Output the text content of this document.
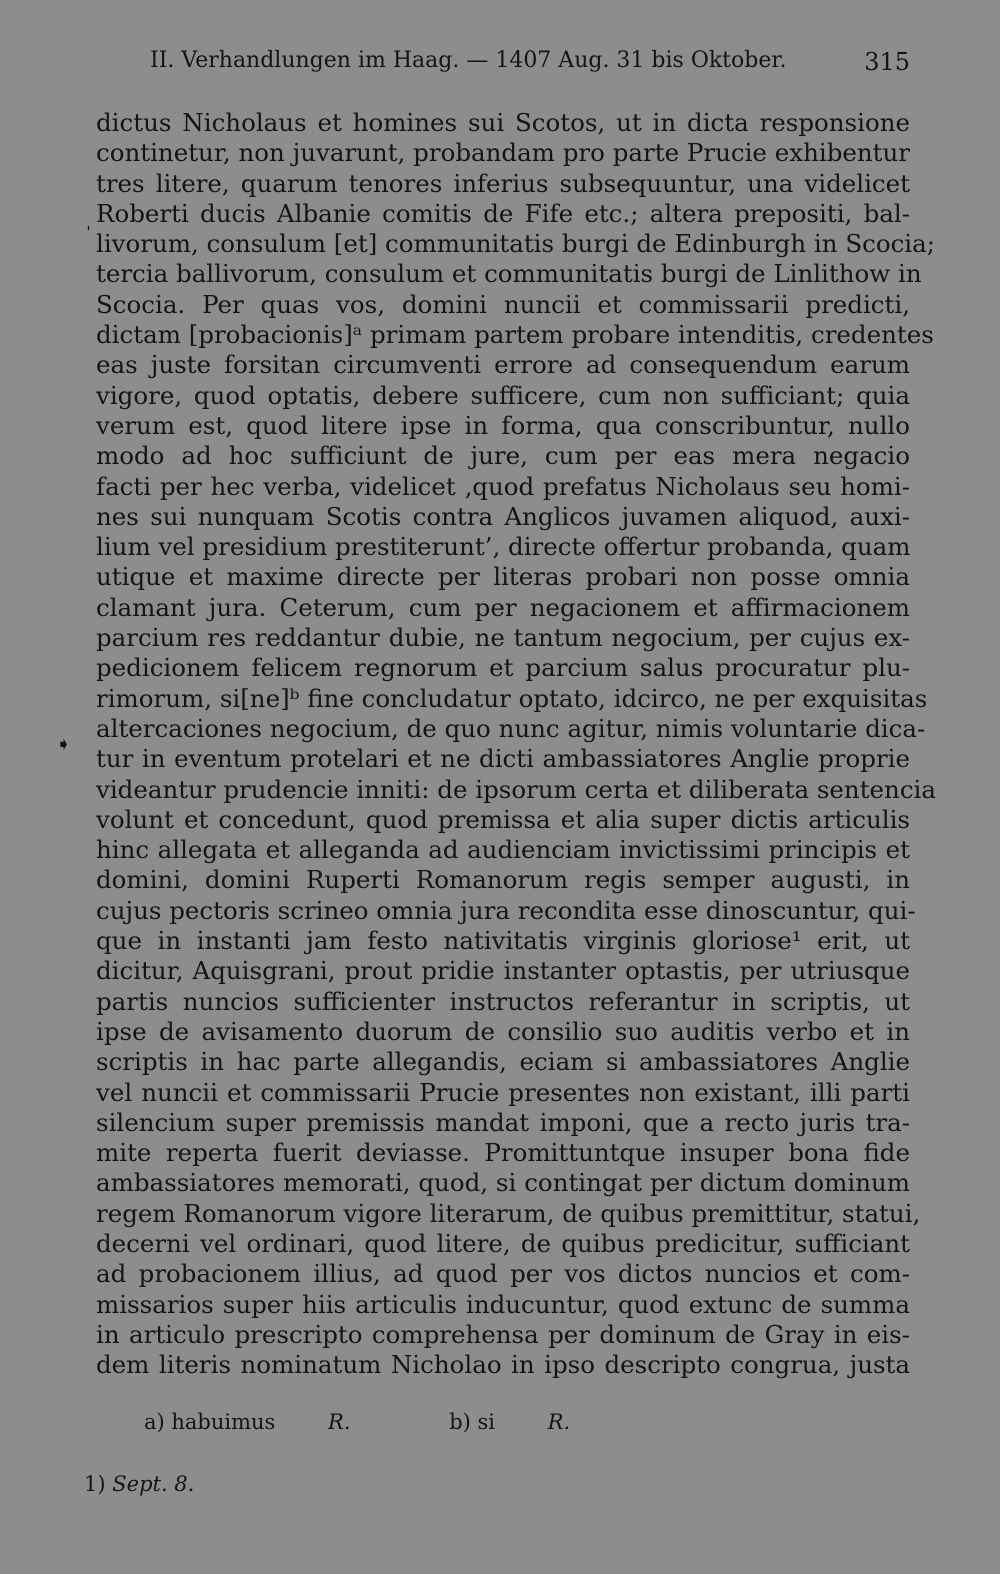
II. Verhandlungen im Haag. — 1407 Aug. 31 bis Oktober.	315
ˌ
➧
dictus Nicholaus et homines sui Scotos, ut in dicta responsione
continetur, non juvarunt, probandam pro parte Prucie exhibentur
tres litere, quarum tenores inferius subsequuntur, una videlicet
Roberti ducis Albanie comitis de Fife etc.; altera prepositi, bal-
livorum, consulum [et] communitatis burgi de Edinburgh in Scocia;
tercia ballivorum, consulum et communitatis burgi de Linlithow in
Scocia. Per quas vos, domini nuncii et commissarii predicti,
dictam [probacionis]ᵃ primam partem probare intenditis, credentes
eas juste forsitan circumventi errore ad consequendum earum
vigore, quod optatis, debere sufficere, cum non sufficiant; quia
verum est, quod litere ipse in forma, qua conscribuntur, nullo
modo ad hoc sufficiunt de jure, cum per eas mera negacio
facti per hec verba, videlicet ‚quod prefatus Nicholaus seu homi-
nes sui nunquam Scotis contra Anglicos juvamen aliquod, auxi-
lium vel presidium prestiterunt’, directe offertur probanda, quam
utique et maxime directe per literas probari non posse omnia
clamant jura. Ceterum, cum per negacionem et affirmacionem
parcium res reddantur dubie, ne tantum negocium, per cujus ex-
pedicionem felicem regnorum et parcium salus procuratur plu-
rimorum, si[ne]ᵇ fine concludatur optato, idcirco, ne per exquisitas
altercaciones negocium, de quo nunc agitur, nimis voluntarie dica-
tur in eventum protelari et ne dicti ambassiatores Anglie proprie
videantur prudencie inniti: de ipsorum certa et diliberata sentencia
volunt et concedunt, quod premissa et alia super dictis articulis
hinc allegata et alleganda ad audienciam invictissimi principis et
domini, domini Ruperti Romanorum regis semper augusti, in
cujus pectoris scrineo omnia jura recondita esse dinoscuntur, qui-
que in instanti jam festo nativitatis virginis gloriose¹ erit, ut
dicitur, Aquisgrani, prout pridie instanter optastis, per utriusque
partis nuncios sufficienter instructos referantur in scriptis, ut
ipse de avisamento duorum de consilio suo auditis verbo et in
scriptis in hac parte allegandis, eciam si ambassiatores Anglie
vel nuncii et commissarii Prucie presentes non existant, illi parti
silencium super premissis mandat imponi, que a recto juris tra-
mite reperta fuerit deviasse. Promittuntque insuper bona fide
ambassiatores memorati, quod, si contingat per dictum dominum
regem Romanorum vigore literarum, de quibus premittitur, statui,
decerni vel ordinari, quod litere, de quibus predicitur, sufficiant
ad probacionem illius, ad quod per vos dictos nuncios et com-
missarios super hiis articulis inducuntur, quod extunc de summa
in articulo prescripto comprehensa per dominum de Gray in eis-
dem literis nominatum Nicholao in ipso descripto congrua, justa
a) habuimus	R.	b) si	R.
1) Sept. 8.
